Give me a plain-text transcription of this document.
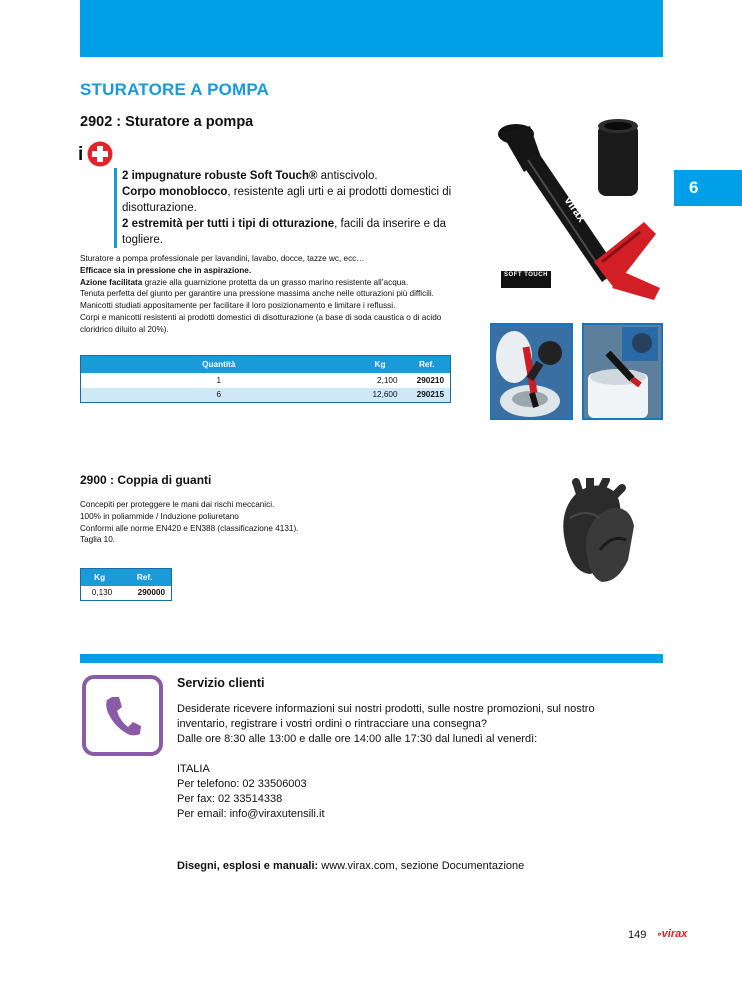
6
STURATORE A POMPA
2902 : Sturatore a pompa
i
2 impugnature robuste Soft Touch® antiscivolo.
Corpo monoblocco, resistente agli urti e ai prodotti domestici di disotturazione.
2 estremità per tutti i tipi di otturazione, facili da inserire e da togliere.

Sturatore a pompa professionale per lavandini, lavabo, docce, tazze wc, ecc…

Efficace sia in pressione che in aspirazione.

Azione facilitata grazie alla guarnizione protetta da un grasso marino resistente all’acqua.

Tenuta perfetta del giunto per garantire una pressione massima anche nelle otturazioni più difficili.

Manicotti studiati appositamente per facilitare il loro posizionamento e limitare i reflussi.

Corpi e manicotti resistenti ai prodotti domestici di disotturazione (a base di soda caustica o di acido cloridrico diluito al 20%).

Quantità	Kg	Ref.
1	2,100	290210
6	12,600	290215
virax
SOFT TOUCH
2900 : Coppia di guanti

Concepiti per proteggere le mani dai rischi meccanici.

100% in poliammide / Induzione poliuretano

Conformi alle norme EN420 e EN388 (classificazione 4131).

Taglia 10.

Kg	Ref.
0,130	290000
Servizio clienti

Desiderate ricevere informazioni sui nostri prodotti, sulle nostre promozioni, sul nostro inventario, registrare i vostri ordini o rintracciare una consegna?

Dalle ore 8:30 alle 13:00 e dalle ore 14:00 alle 17:30 dal lunedì al venerdì:

ITALIA

Per telefono: 02 33506003

Per fax: 02 33514338

Per email: info@viraxutensili.it

Disegni, esplosi e manuali: www.virax.com, sezione Documentazione
149 ∘virax
